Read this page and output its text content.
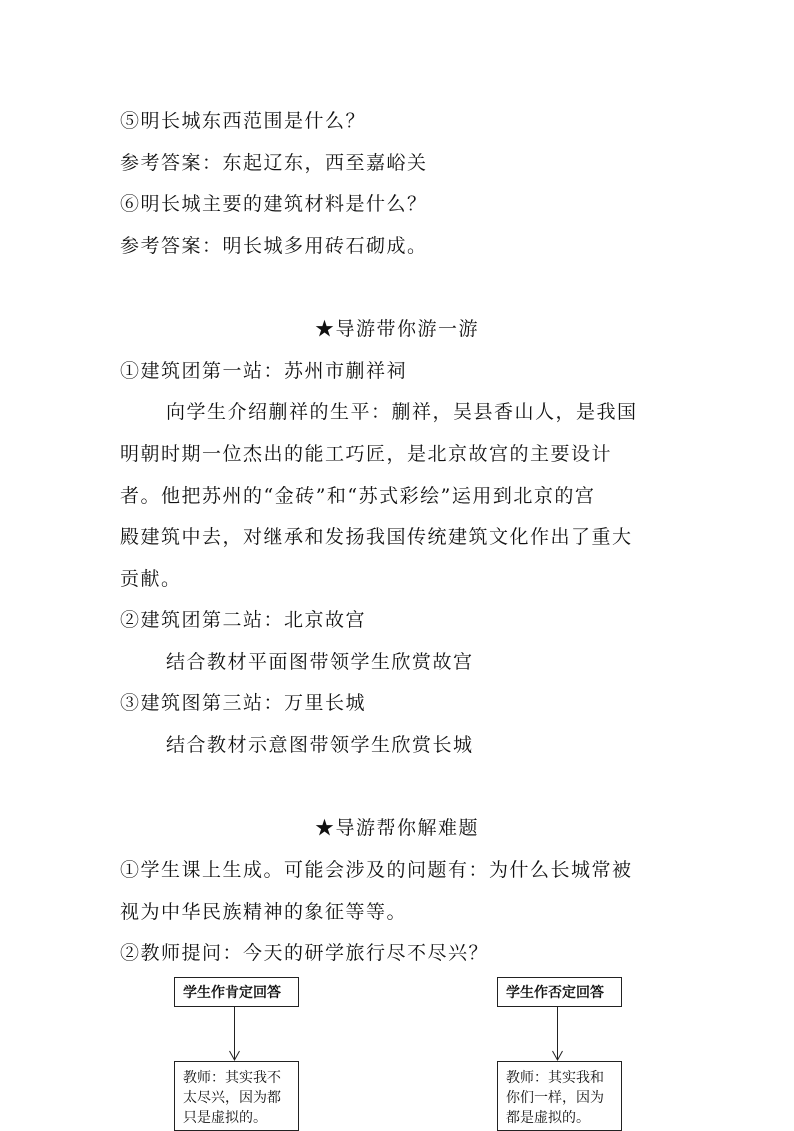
⑤明长城东西范围是什么？
参考答案：东起辽东，西至嘉峪关
⑥明长城主要的建筑材料是什么？
参考答案：明长城多用砖石砌成。
★导游带你游一游
①建筑团第一站：苏州市蒯祥祠
向学生介绍蒯祥的生平：蒯祥，吴县香山人，是我国
明朝时期一位杰出的能工巧匠，是北京故宫的主要设计
者。他把苏州的“金砖”和“苏式彩绘”运用到北京的宫
殿建筑中去，对继承和发扬我国传统建筑文化作出了重大
贡献。
②建筑团第二站：北京故宫
结合教材平面图带领学生欣赏故宫
③建筑图第三站：万里长城
结合教材示意图带领学生欣赏长城
★导游帮你解难题
①学生课上生成。可能会涉及的问题有：为什么长城常被
视为中华民族精神的象征等等。
②教师提问：今天的研学旅行尽不尽兴？
学生作肯定回答
教师：其实我不
太尽兴，因为都
只是虚拟的。
学生作否定回答
教师：其实我和
你们一样，因为
都是虚拟的。
